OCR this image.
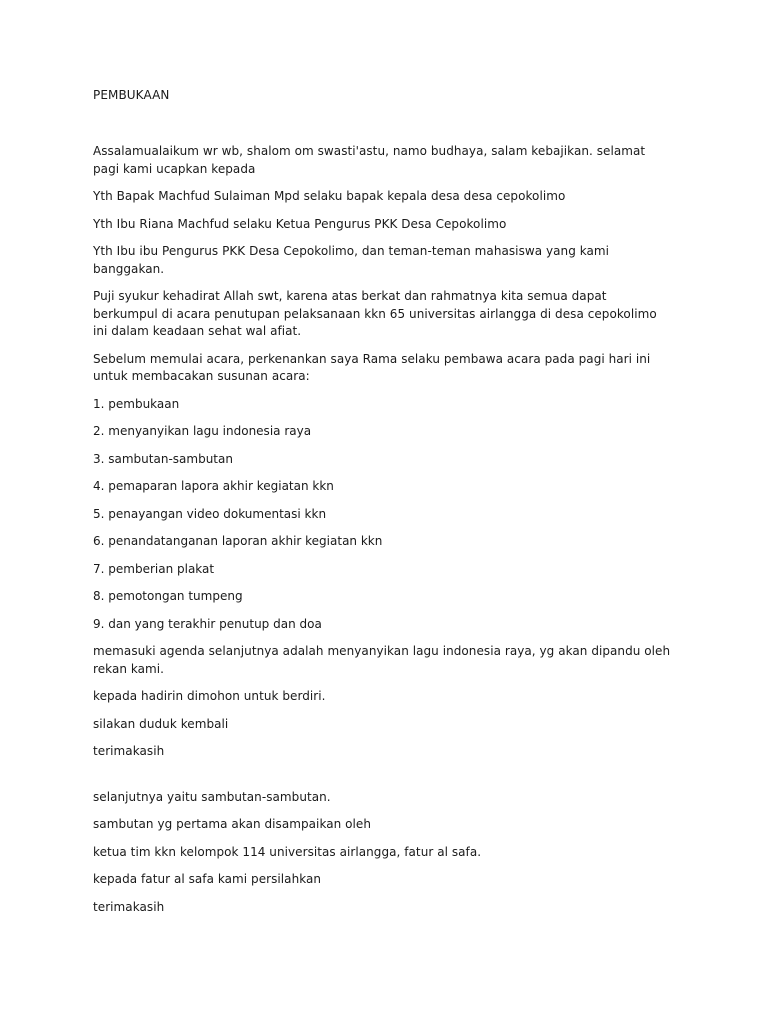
PEMBUKAAN

Assalamualaikum wr wb, shalom om swasti'astu, namo budhaya, salam kebajikan. selamat pagi kami ucapkan kepada

Yth Bapak Machfud Sulaiman Mpd selaku bapak kepala desa desa cepokolimo

Yth Ibu Riana Machfud selaku Ketua Pengurus PKK Desa Cepokolimo

Yth Ibu ibu Pengurus PKK Desa Cepokolimo, dan teman-teman mahasiswa yang kami banggakan.

Puji syukur kehadirat Allah swt, karena atas berkat dan rahmatnya kita semua dapat berkumpul di acara penutupan pelaksanaan kkn 65 universitas airlangga di desa cepokolimo ini dalam keadaan sehat wal afiat.

Sebelum memulai acara, perkenankan saya Rama selaku pembawa acara pada pagi hari ini untuk membacakan susunan acara:

1. pembukaan
2. menyanyikan lagu indonesia raya
3. sambutan-sambutan
4. pemaparan lapora akhir kegiatan kkn
5. penayangan video dokumentasi kkn
6. penandatanganan laporan akhir kegiatan kkn
7. pemberian plakat
8. pemotongan tumpeng
9. dan yang terakhir penutup dan doa

memasuki agenda selanjutnya adalah menyanyikan lagu indonesia raya, yg akan dipandu oleh rekan kami.

kepada hadirin dimohon untuk berdiri.

silakan duduk kembali

terimakasih

selanjutnya yaitu sambutan-sambutan.

sambutan yg pertama akan disampaikan oleh

ketua tim kkn kelompok 114 universitas airlangga, fatur al safa.

kepada fatur al safa kami persilahkan

terimakasih
